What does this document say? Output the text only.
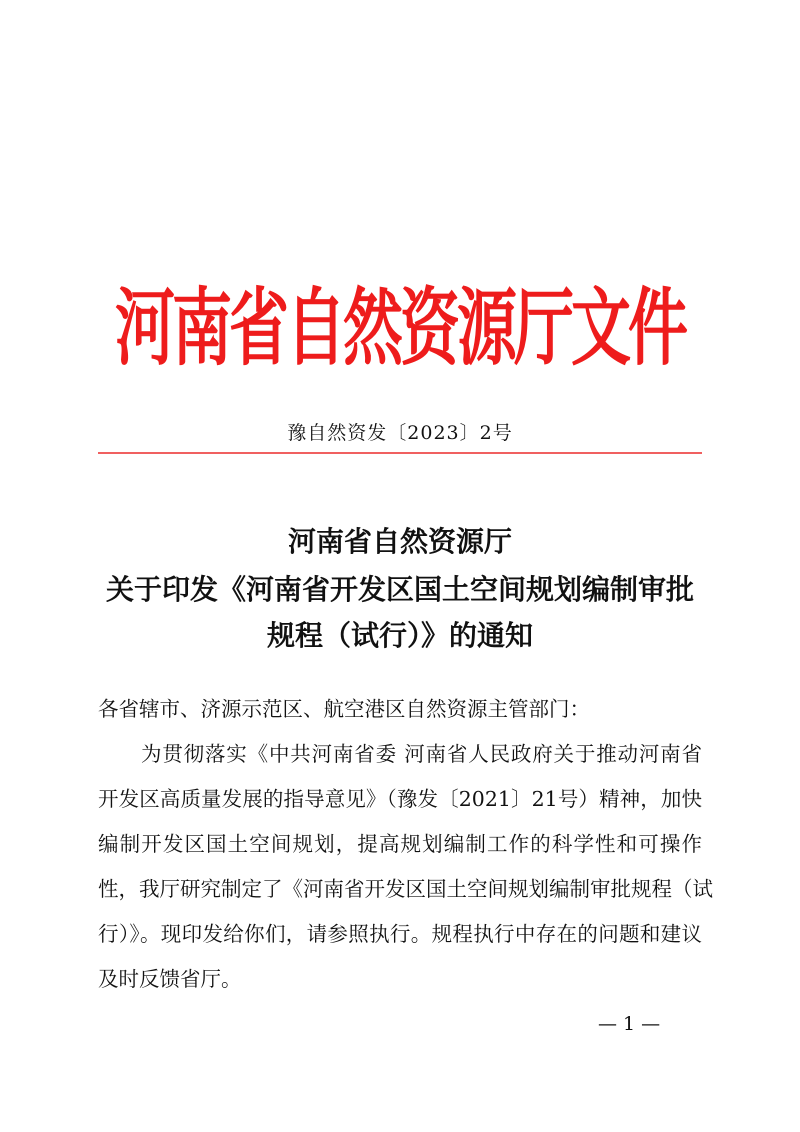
河南省自然资源厅文件
豫自然资发〔2023〕2号
河南省自然资源厅
关于印发《河南省开发区国土空间规划编制审批
规程（试行）》的通知
各省辖市、济源示范区、航空港区自然资源主管部门：
为贯彻落实《中共河南省委 河南省人民政府关于推动河南省
开发区高质量发展的指导意见》（豫发〔2021〕21号）精神，加快
编制开发区国土空间规划，提高规划编制工作的科学性和可操作
性，我厅研究制定了《河南省开发区国土空间规划编制审批规程（试
行）》。现印发给你们，请参照执行。规程执行中存在的问题和建议
及时反馈省厅。
— 1 —
